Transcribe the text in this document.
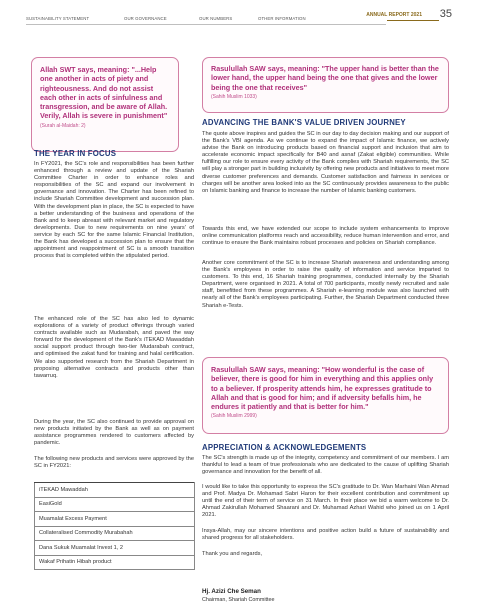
SUSTAINABILITY STATEMENT	OUR GOVERNANCE	OUR NUMBERS	OTHER INFORMATION
ANNUAL REPORT 2021 35
Allah SWT says, meaning: "...Help one another in acts of piety and righteousness. And do not assist each other in acts of sinfulness and transgression, and be aware of Allah. Verily, Allah is severe in punishment"
(Surah al-Maidah: 2)
Rasulullah SAW says, meaning: "The upper hand is better than the lower hand, the upper hand being the one that gives and the lower being the one that receives"
(Sahih Muslim 1033)
THE YEAR IN FOCUS

In FY2021, the SC's role and responsibilities has been further enhanced through a review and update of the Shariah Committee Charter in order to enhance roles and responsibilities of the SC and expand our involvement in governance and innovation. The Charter has been refined to include Shariah Committee development and succession plan. With the development plan in place, the SC is expected to have a better understanding of the business and operations of the Bank and to keep abreast with relevant market and regulatory developments. Due to new requirements on nine years' of service by each SC for the same Islamic Financial Institution, the Bank has developed a succession plan to ensure that the appointment and reappointment of SC is a smooth transition process that is completed within the stipulated period.

The enhanced role of the SC has also led to dynamic explorations of a variety of product offerings through varied contracts available such as Mudarabah, and paved the way forward for the development of the Bank's iTEKAD Mawaddah social support product through two-tier Mudarabah contract, and optimised the zakat fund for training and halal certification. We also supported research from the Shariah Department in proposing alternative contracts and products other than tawarruq.

During the year, the SC also continued to provide approval on new products initiated by the Bank as well as on payment assistance programmes rendered to customers affected by pandemic.

The following new products and services were approved by the SC in FY2021:

iTEKAD Mawaddah
EasiGold
Muamalat Excess Payment
Collateralised Commodity Murabahah
Dana Sukuk Muamalat Invest 1, 2
Wakaf Prihatin Hibah product
ADVANCING THE BANK'S VALUE DRIVEN JOURNEY

The quote above inspires and guides the SC in our day to day decision making and our support of the Bank's VBI agenda. As we continue to expand the impact of Islamic finance, we actively advise the Bank on introducing products based on financial support and inclusion that aim to accelerate economic impact specifically for B40 and asnaf (Zakat eligible) communities. While fulfilling our role to ensure every activity of the Bank complies with Shariah requirements, the SC will play a stronger part in building inclusivity by offering new products and initiatives to meet more diverse customer preferences and demands. Customer satisfaction and fairness in services or charges will be another area looked into as the SC continuously provides awareness to the public on Islamic banking and finance to increase the number of Islamic banking customers.

Towards this end, we have extended our scope to include system enhancements to improve online communication platforms reach and accessibility, reduce human intervention and error, and continue to ensure the Bank maintains robust processes and policies on Shariah compliance.

Another core commitment of the SC is to increase Shariah awareness and understanding among the Bank's employees in order to raise the quality of information and service imparted to customers. To this end, 16 Shariah training programmes, conducted internally by the Shariah Department, were organised in 2021. A total of 700 participants, mostly newly recruited and sale staff, benefitted from these programmes. A Shariah e-learning module was also launched with nearly all of the Bank's employees participating. Further, the Shariah Department conducted three Shariah e-Tests.

Rasulullah SAW says, meaning: "How wonderful is the case of believer, there is good for him in everything and this applies only to a believer. If prosperity attends him, he expresses gratitude to Allah and that is good for him; and if adversity befalls him, he endures it patiently and that is better for him."
(Sahih Muslim 2999)
APPRECIATION & ACKNOWLEDGEMENTS

The SC's strength is made up of the integrity, competency and commitment of our members. I am thankful to lead a team of true professionals who are dedicated to the cause of uplifting Shariah governance and innovation for the benefit of all.

I would like to take this opportunity to express the SC's gratitude to Dr. Wan Marhaini Wan Ahmad and Prof. Madya Dr. Mohamad Sabri Haron for their excellent contribution and commitment up until the end of their term of service on 31 March. In their place we bid a warm welcome to Dr. Ahmad Zakirullah Mohamed Shaarani and Dr. Muhamad Azhari Wahid who joined us on 1 April 2021.

Insya-Allah, may our sincere intentions and positive action build a future of sustainability and shared progress for all stakeholders.

Thank you and regards,

Hj. Azizi Che Seman
Chairman, Shariah Committee
